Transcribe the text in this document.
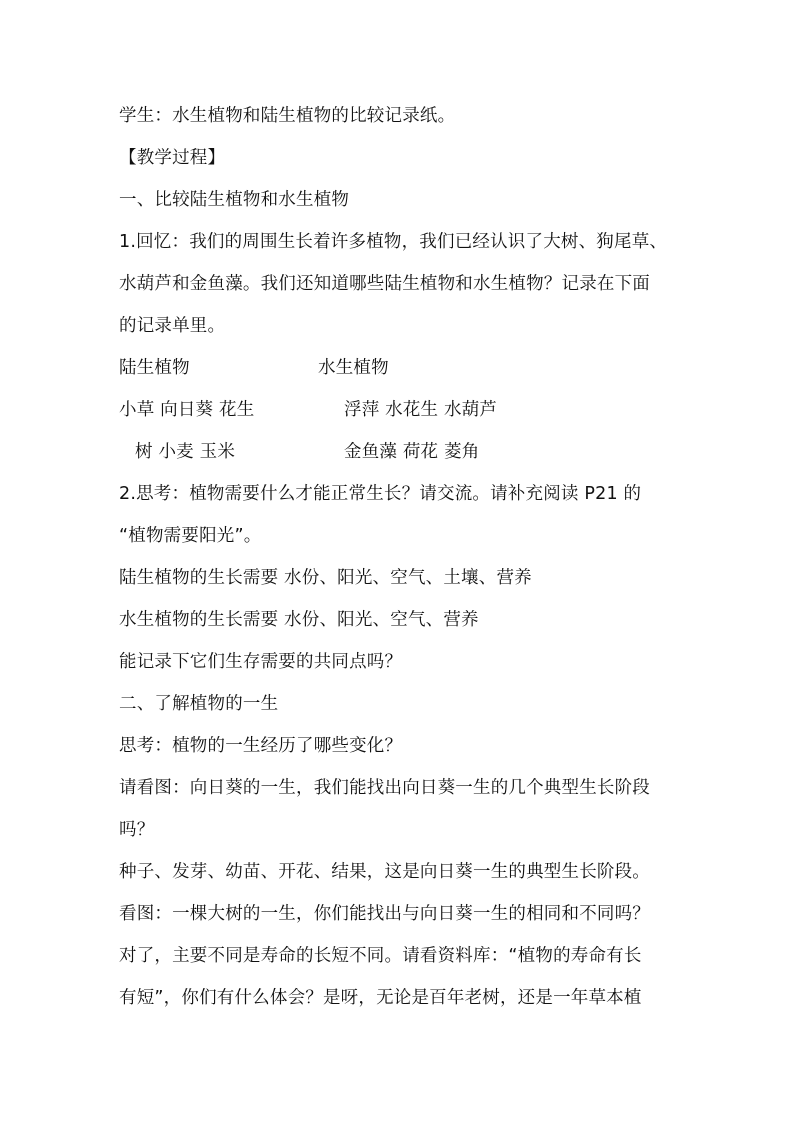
学生：水生植物和陆生植物的比较记录纸。
【教学过程】
一、比较陆生植物和水生植物
1.回忆：我们的周围生长着许多植物，我们已经认识了大树、狗尾草、
水葫芦和金鱼藻。我们还知道哪些陆生植物和水生植物？记录在下面
的记录单里。
陆生植物	水生植物
小草 向日葵 花生	浮萍 水花生 水葫芦
树 小麦 玉米	金鱼藻 荷花 菱角
2.思考：植物需要什么才能正常生长？请交流。请补充阅读 P21 的
“植物需要阳光”。
陆生植物的生长需要 水份、阳光、空气、土壤、营养
水生植物的生长需要 水份、阳光、空气、营养
能记录下它们生存需要的共同点吗？
二、了解植物的一生
思考：植物的一生经历了哪些变化？
请看图：向日葵的一生，我们能找出向日葵一生的几个典型生长阶段
吗？
种子、发芽、幼苗、开花、结果，这是向日葵一生的典型生长阶段。
看图：一棵大树的一生，你们能找出与向日葵一生的相同和不同吗？
对了，主要不同是寿命的长短不同。请看资料库：“植物的寿命有长
有短”，你们有什么体会？是呀，无论是百年老树，还是一年草本植
